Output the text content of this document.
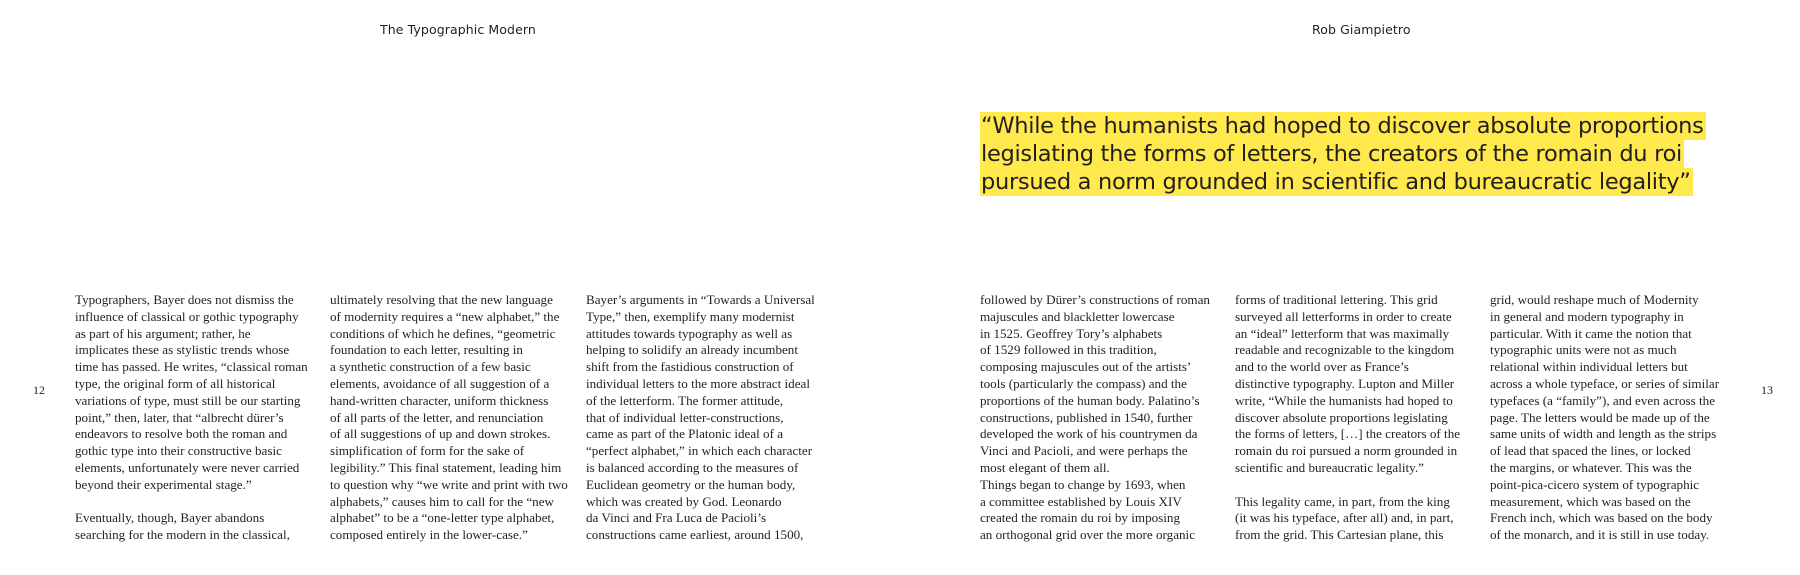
The Typographic Modern	Rob Giampietro
12	13
“While the humanists had hoped to discover absolute proportions
legislating the forms of letters, the creators of the romain du roi
pursued a norm grounded in scientific and bureaucratic legality”
Typographers, Bayer does not dismiss the
influence of classical or gothic typography
as part of his argument; rather, he
implicates these as stylistic trends whose
time has passed. He writes, “classical roman
type, the original form of all historical
variations of type, must still be our starting
point,” then, later, that “albrecht dürer’s
endeavors to resolve both the roman and
gothic type into their constructive basic
elements, unfortunately were never carried
beyond their experimental stage.”
Eventually, though, Bayer abandons
searching for the modern in the classical,
ultimately resolving that the new language
of modernity requires a “new alphabet,” the
conditions of which he defines, “geometric
foundation to each letter, resulting in
a synthetic construction of a few basic
elements, avoidance of all suggestion of a
hand-written character, uniform thickness
of all parts of the letter, and renunciation
of all suggestions of up and down strokes.
simplification of form for the sake of
legibility.” This final statement, leading him
to question why “we write and print with two
alphabets,” causes him to call for the “new
alphabet” to be a “one-letter type alphabet,
composed entirely in the lower-case.”
Bayer’s arguments in “Towards a Universal
Type,” then, exemplify many modernist
attitudes towards typography as well as
helping to solidify an already incumbent
shift from the fastidious construction of
individual letters to the more abstract ideal
of the letterform. The former attitude,
that of individual letter-constructions,
came as part of the Platonic ideal of a
“perfect alphabet,” in which each character
is balanced according to the measures of
Euclidean geometry or the human body,
which was created by God. Leonardo
da Vinci and Fra Luca de Pacioli’s
constructions came earliest, around 1500,
followed by Dürer’s constructions of roman
majuscules and blackletter lowercase
in 1525. Geoffrey Tory’s alphabets
of 1529 followed in this tradition,
composing majuscules out of the artists’
tools (particularly the compass) and the
proportions of the human body. Palatino’s
constructions, published in 1540, further
developed the work of his countrymen da
Vinci and Pacioli, and were perhaps the
most elegant of them all.
Things began to change by 1693, when
a committee established by Louis XIV
created the romain du roi by imposing
an orthogonal grid over the more organic
forms of traditional lettering. This grid
surveyed all letterforms in order to create
an “ideal” letterform that was maximally
readable and recognizable to the kingdom
and to the world over as France’s
distinctive typography. Lupton and Miller
write, “While the humanists had hoped to
discover absolute proportions legislating
the forms of letters, […] the creators of the
romain du roi pursued a norm grounded in
scientific and bureaucratic legality.”
This legality came, in part, from the king
(it was his typeface, after all) and, in part,
from the grid. This Cartesian plane, this
grid, would reshape much of Modernity
in general and modern typography in
particular. With it came the notion that
typographic units were not as much
relational within individual letters but
across a whole typeface, or series of similar
typefaces (a “family”), and even across the
page. The letters would be made up of the
same units of width and length as the strips
of lead that spaced the lines, or locked
the margins, or whatever. This was the
point-pica-cicero system of typographic
measurement, which was based on the
French inch, which was based on the body
of the monarch, and it is still in use today.
